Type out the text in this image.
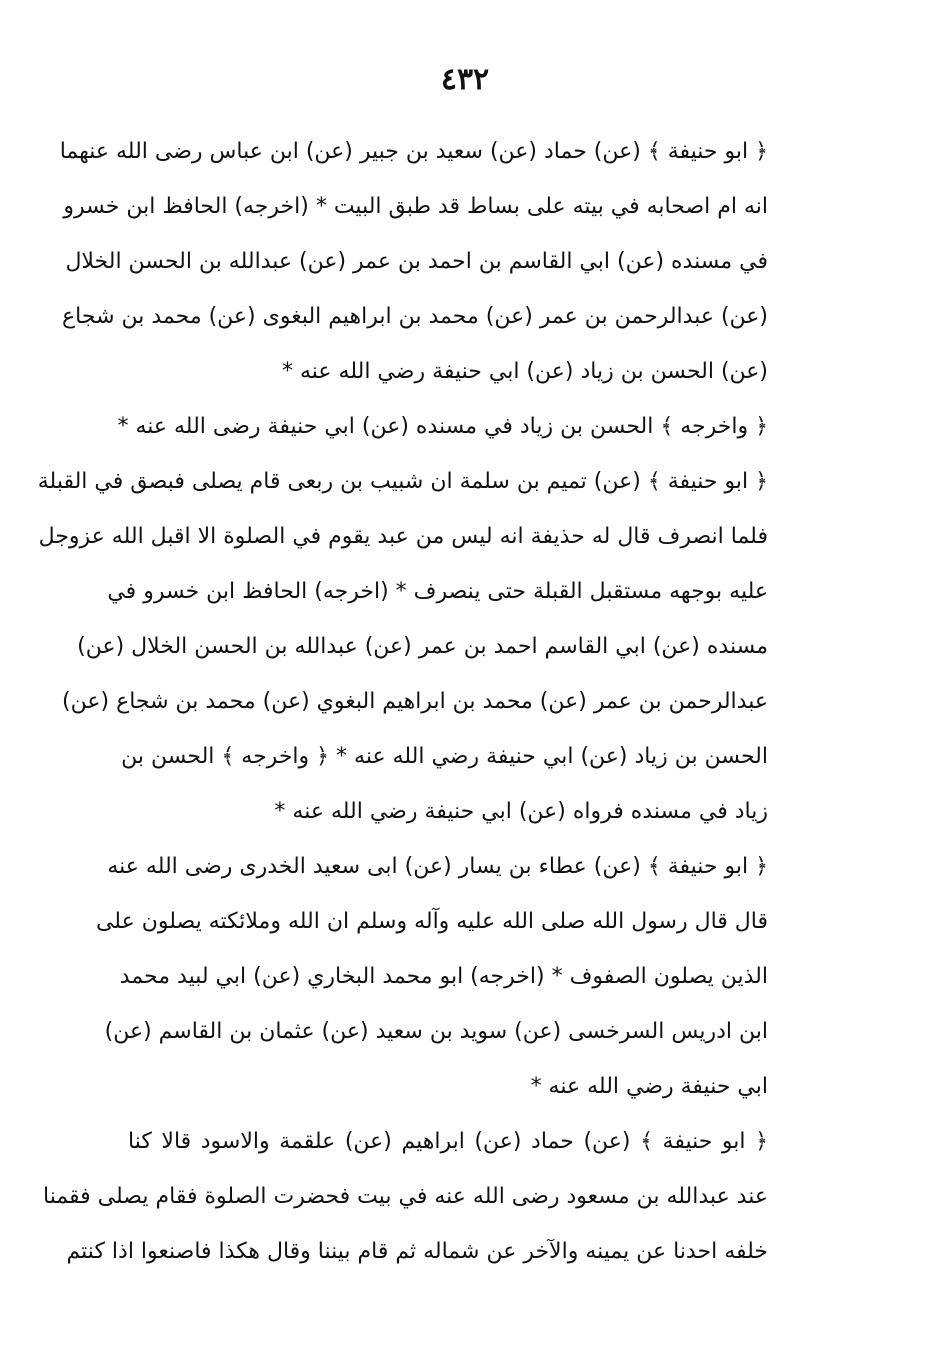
٤٣٢
﴿ ابو حنيفة ﴾ (عن) حماد (عن) سعيد بن جبير (عن) ابن عباس رضى الله عنهما
انه ام اصحابه في بيته على بساط قد طبق البيت * (اخرجه) الحافظ ابن خسرو
في مسنده (عن) ابي القاسم بن احمد بن عمر (عن) عبدالله بن الحسن الخلال
(عن) عبدالرحمن بن عمر (عن) محمد بن ابراهيم البغوى (عن) محمد بن شجاع
(عن) الحسن بن زياد (عن) ابي حنيفة رضي الله عنه *
﴿ واخرجه ﴾ الحسن بن زياد في مسنده (عن) ابي حنيفة رضى الله عنه *
﴿ ابو حنيفة ﴾ (عن) تميم بن سلمة ان شبيب بن ربعى قام يصلى فبصق في القبلة
فلما انصرف قال له حذيفة انه ليس من عبد يقوم في الصلوة الا اقبل الله عزوجل
عليه بوجهه مستقبل القبلة حتى ينصرف * (اخرجه) الحافظ ابن خسرو في
مسنده (عن) ابي القاسم احمد بن عمر (عن) عبدالله بن الحسن الخلال (عن)
عبدالرحمن بن عمر (عن) محمد بن ابراهيم البغوي (عن) محمد بن شجاع (عن)
الحسن بن زياد (عن) ابي حنيفة رضي الله عنه * ﴿ واخرجه ﴾ الحسن بن
زياد في مسنده فرواه (عن) ابي حنيفة رضي الله عنه *
﴿ ابو حنيفة ﴾ (عن) عطاء بن يسار (عن) ابى سعيد الخدرى رضى الله عنه
قال قال رسول الله صلى الله عليه وآله وسلم ان الله وملائكته يصلون على
الذين يصلون الصفوف * (اخرجه) ابو محمد البخاري (عن) ابي لبيد محمد
ابن ادريس السرخسى (عن) سويد بن سعيد (عن) عثمان بن القاسم (عن)
ابي حنيفة رضي الله عنه *
﴿ ابو حنيفة ﴾ (عن) حماد (عن) ابراهيم (عن) علقمة والاسود قالا كنا
عند عبدالله بن مسعود رضى الله عنه في بيت فحضرت الصلوة فقام يصلى فقمنا
خلفه احدنا عن يمينه والآخر عن شماله ثم قام بيننا وقال هكذا فاصنعوا اذا كنتم
